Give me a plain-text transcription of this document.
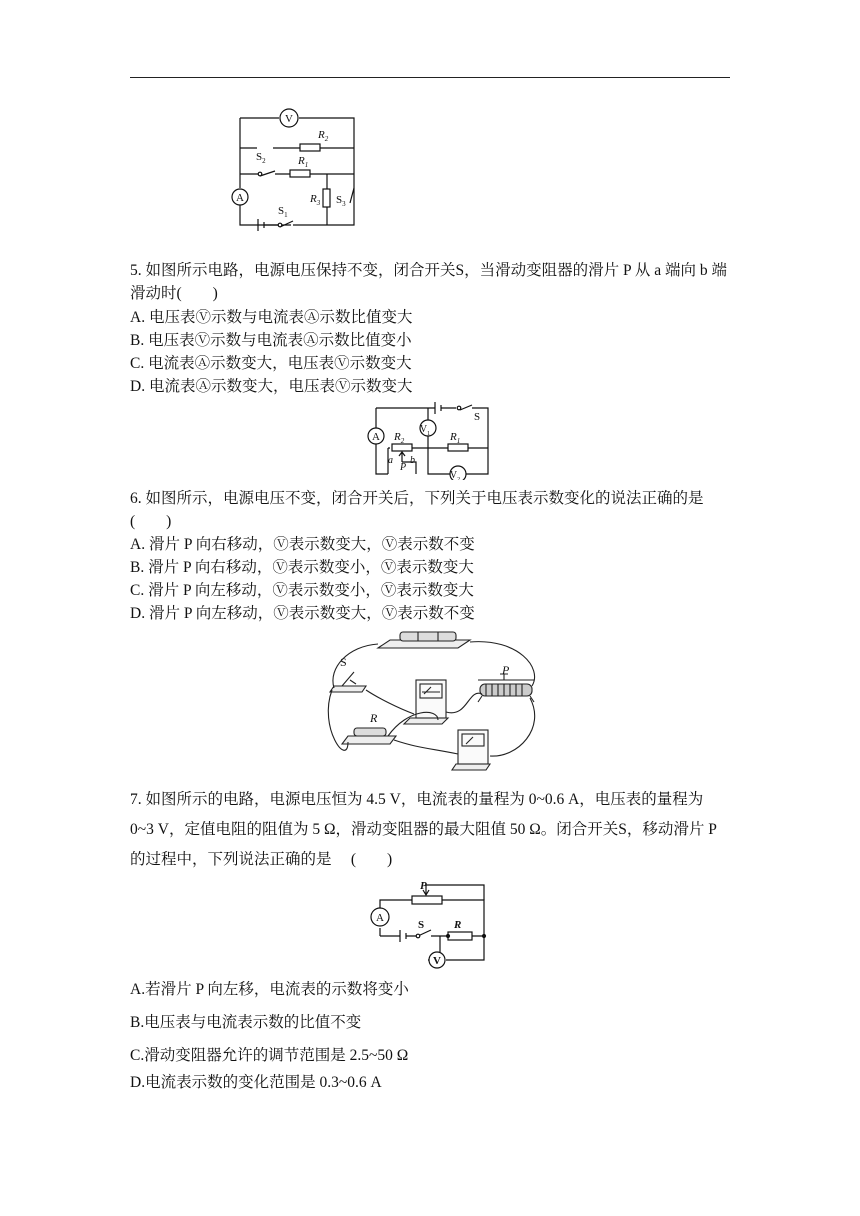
V
$R_2$
$S_2$	$R_1$
A	$R_3$ $S_3$
$S_1$
5. 如图所示电路，电源电压保持不变，闭合开关S，当滑动变阻器的滑片 P 从 a 端向 b 端滑动时(　　)
A. 电压表Ⓥ示数与电流表Ⓐ示数比值变大
B. 电压表Ⓥ示数与电流表Ⓐ示数比值变小
C. 电流表Ⓐ示数变大，电压表Ⓥ示数变大
D. 电流表Ⓐ示数变大，电压表Ⓥ示数变大
S
A $R_2$
a
P
b
$V_1$ $R_1$
$V_2$
6. 如图所示，电源电压不变，闭合开关后，下列关于电压表示数变化的说法正确的是(　　)
A. 滑片 P 向右移动，Ⓥ表示数变大，Ⓥ表示数不变
B. 滑片 P 向右移动，Ⓥ表示数变小，Ⓥ表示数变大
C. 滑片 P 向左移动，Ⓥ表示数变小，Ⓥ表示数变大
D. 滑片 P 向左移动，Ⓥ表示数变大，Ⓥ表示数不变
S
P
R
7. 如图所示的电路，电源电压恒为 4.5 V，电流表的量程为 0~0.6 A，电压表的量程为 0~3 V，定值电阻的阻值为 5 Ω，滑动变阻器的最大阻值 50 Ω。闭合开关S，移动滑片 P 的过程中，下列说法正确的是　 (　　)
A
P
S	R
V
A.若滑片 P 向左移，电流表的示数将变小
B.电压表与电流表示数的比值不变
C.滑动变阻器允许的调节范围是 2.5~50 Ω
D.电流表示数的变化范围是 0.3~0.6 A
